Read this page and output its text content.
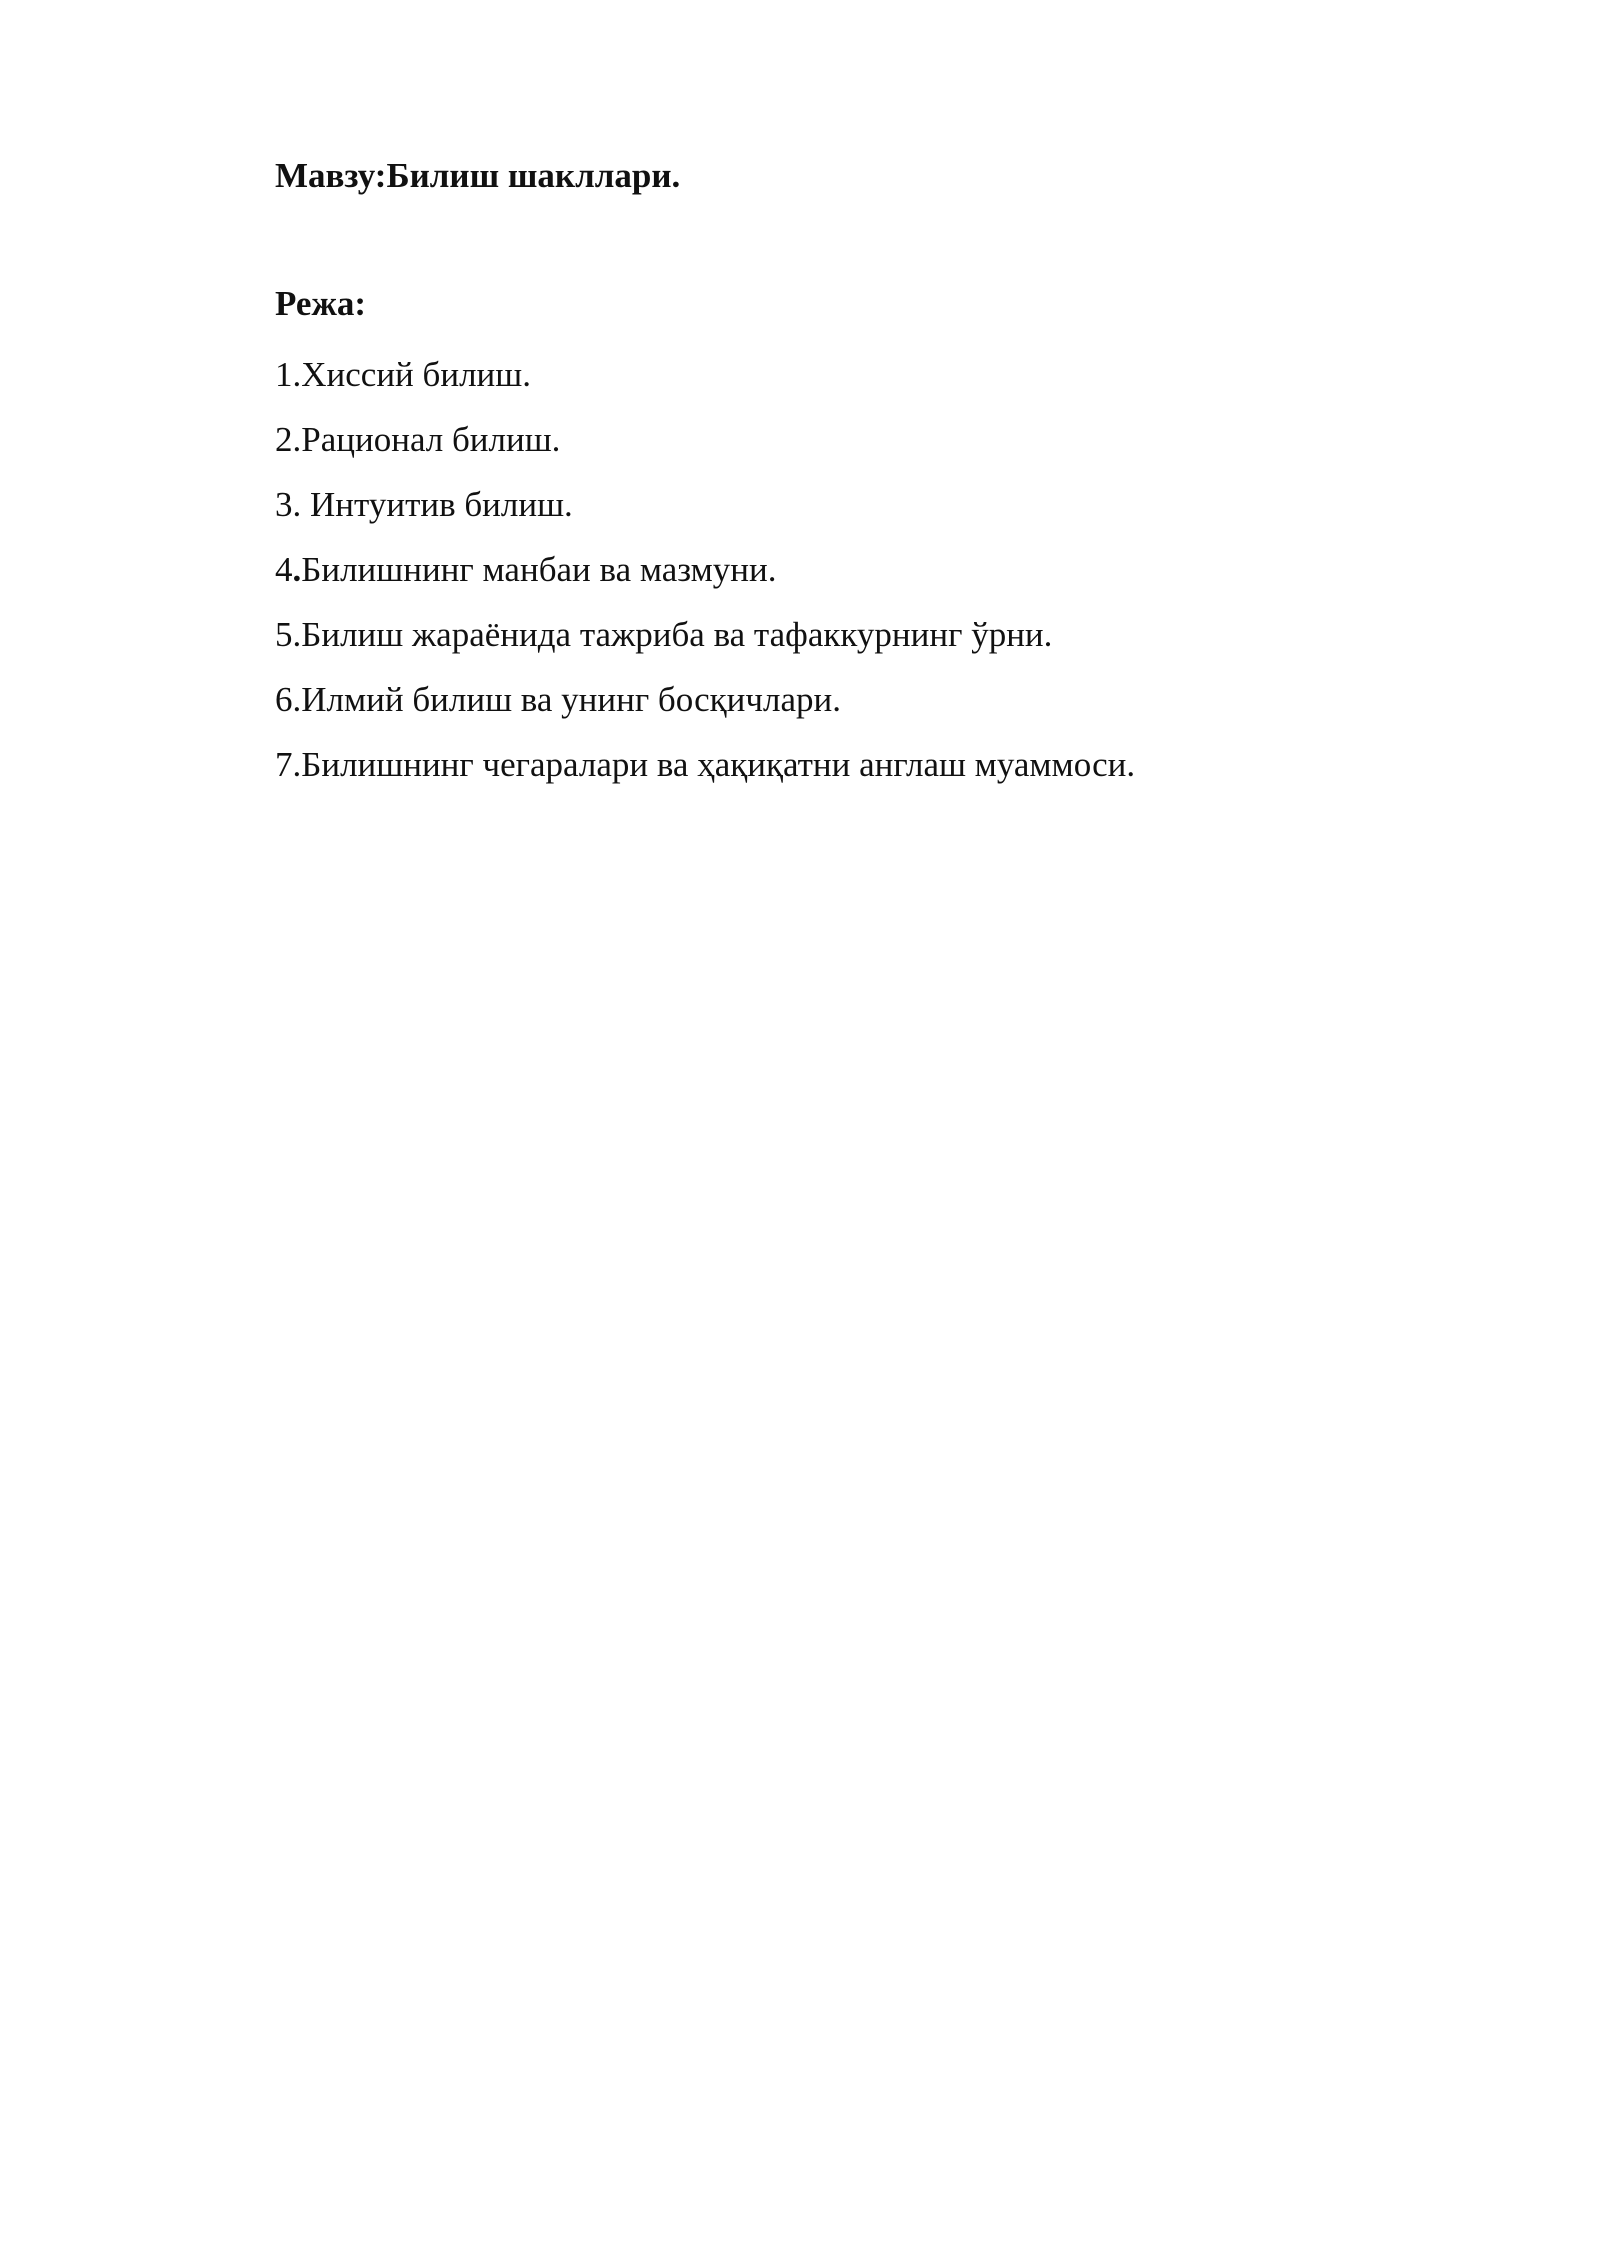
Мавзу:Билиш шакллари.
Режа:
1.Хиссий билиш.
2.Рационал билиш.
3. Интуитив билиш.
4.Билишнинг манбаи ва мазмуни.
5.Билиш жараёнида тажриба ва тафаккурнинг ўрни.
6.Илмий билиш ва унинг босқичлари.
7.Билишнинг чегаралари ва ҳақиқатни англаш муаммоси.
